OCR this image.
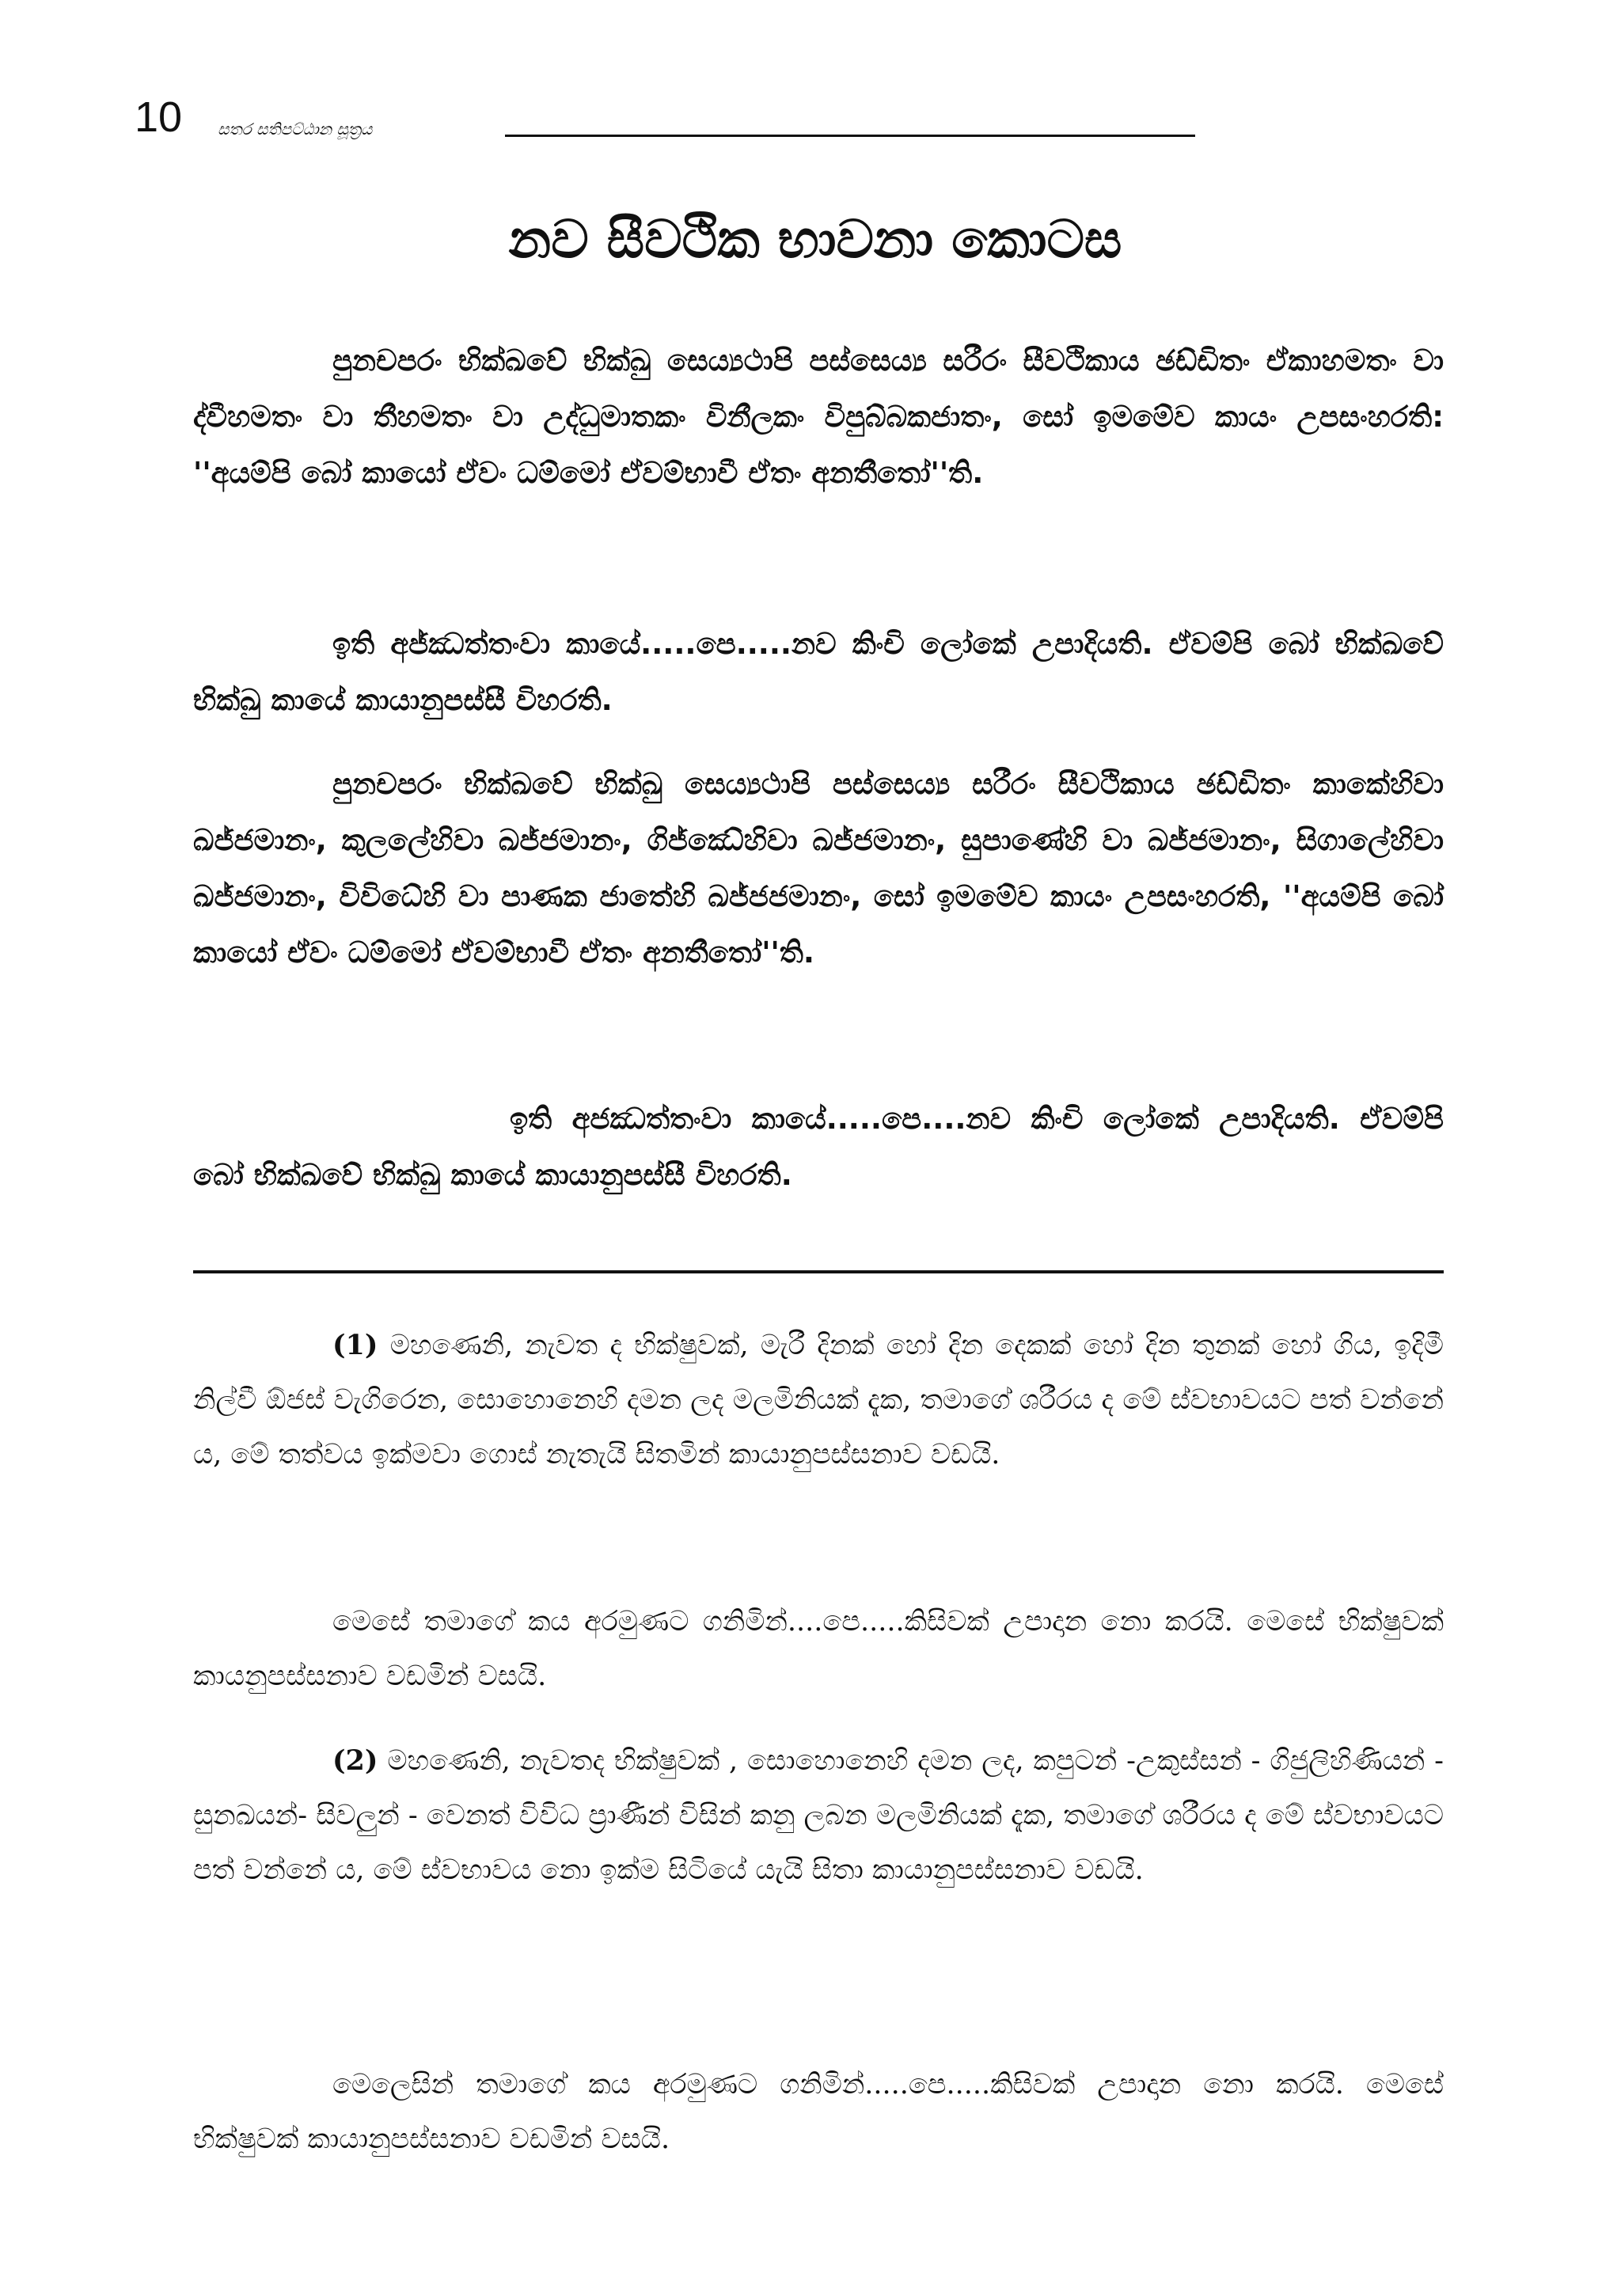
10 සතර සතිපට්ඨාන සූත්‍රය
නව සීවථික භාවනා කොටස

පුනචපරං භික්ඛවේ භික්ඛු සෙය්‍යථාපි පස්සෙය්‍ය සරීරං සීවථිකාය ඡඩ්ඩිතං ඒකාහමතං වා ද්වීහමතං වා තීහමතං වා උද්ධුමාතකං විනීලකං විපුබ්බකජාතං, සෝ ඉමමේව කායං උපසංහරති: ''අයම්පි බෝ කායෝ ඒවං ධම්මෝ ඒවම්භාවී ඒතං අනතීතෝ''ති.

ඉති අජ්ඣත්තංවා කායේ.....පෙ.....නව කිංචි ලෝකේ උපාදියති. ඒවම්පි බෝ භික්ඛවේ භික්ඛු කායේ කායානුපස්සී විහරති.

පුනචපරං භික්ඛවේ භික්ඛු සෙය්‍යථාපි පස්සෙය්‍ය සරීරං සීවථිකාය ඡඩ්ඩිතං කාකේහිවා ඛජ්ජමානං, කුලලේහිවා ඛජ්ජමානං, ගිජ්ඣේහිවා ඛජ්ජමානං, සුපාණේහි වා ඛජ්ජමානං, සිගාලේහිවා ඛජ්ජමානං, විවිධේහි වා පාණක ජාතේහි ඛජ්ජජමානං, සෝ ඉමමේව කායං උපසංහරති, ''අයම්පි බෝ කායෝ ඒවං ධම්මෝ ඒවම්භාවී ඒතං අනතීතෝ''ති.

ඉති අජඣත්තංවා කායේ.....පෙ....නව කිංචි ලෝකේ උපාදියති. ඒවම්පි බෝ භික්ඛවේ භික්ඛු කායේ කායානුපස්සී විහරති.

(1) මහණෙනි, නැවත ද භික්ෂුවක්, මැරී දිනක් හෝ දින දෙකක් හෝ දින තුනක් හෝ ගිය, ඉදිමී නිල්වී ඕජස් වැගිරෙන, සොහොනෙහි දමන ලද මලමිනියක් දැක, තමාගේ ශරීරය ද මේ ස්වභාවයට පත් වන්නේ ය, මේ තත්වය ඉක්මවා ගොස් නැතැයි සිතමින් කායානුපස්සනාව වඩයි.

මෙසේ තමාගේ කය අරමුණට ගනිමින්....පෙ.....කිසිවක් උපාදාන නො කරයි. මෙසේ භික්ෂුවක් කායනුපස්සනාව වඩමින් වසයි.

(2) මහණෙනි, නැවතද භික්ෂුවක් , සොහොනෙහි දමන ලද, කපුටන් -උකුස්සන් - ගිජුලිහිණියන් - සුනඛයන්- සිවලුන් - වෙනත් විවිධ ප්‍රාණීන් විසින් කනු ලබන මලමිනියක් දැක, තමාගේ ශරීරය ද මේ ස්වභාවයට පත් වන්නේ ය, මේ ස්වභාවය නො ඉක්ම සිටියේ යැයි සිතා කායානුපස්සනාව වඩයි.

මෙලෙසින් තමාගේ කය අරමුණට ගනිමින්.....පෙ.....කිසිවක් උපාදාන නො කරයි. මෙසේ භික්ෂුවක් කායානුපස්සනාව වඩමින් වසයි.
